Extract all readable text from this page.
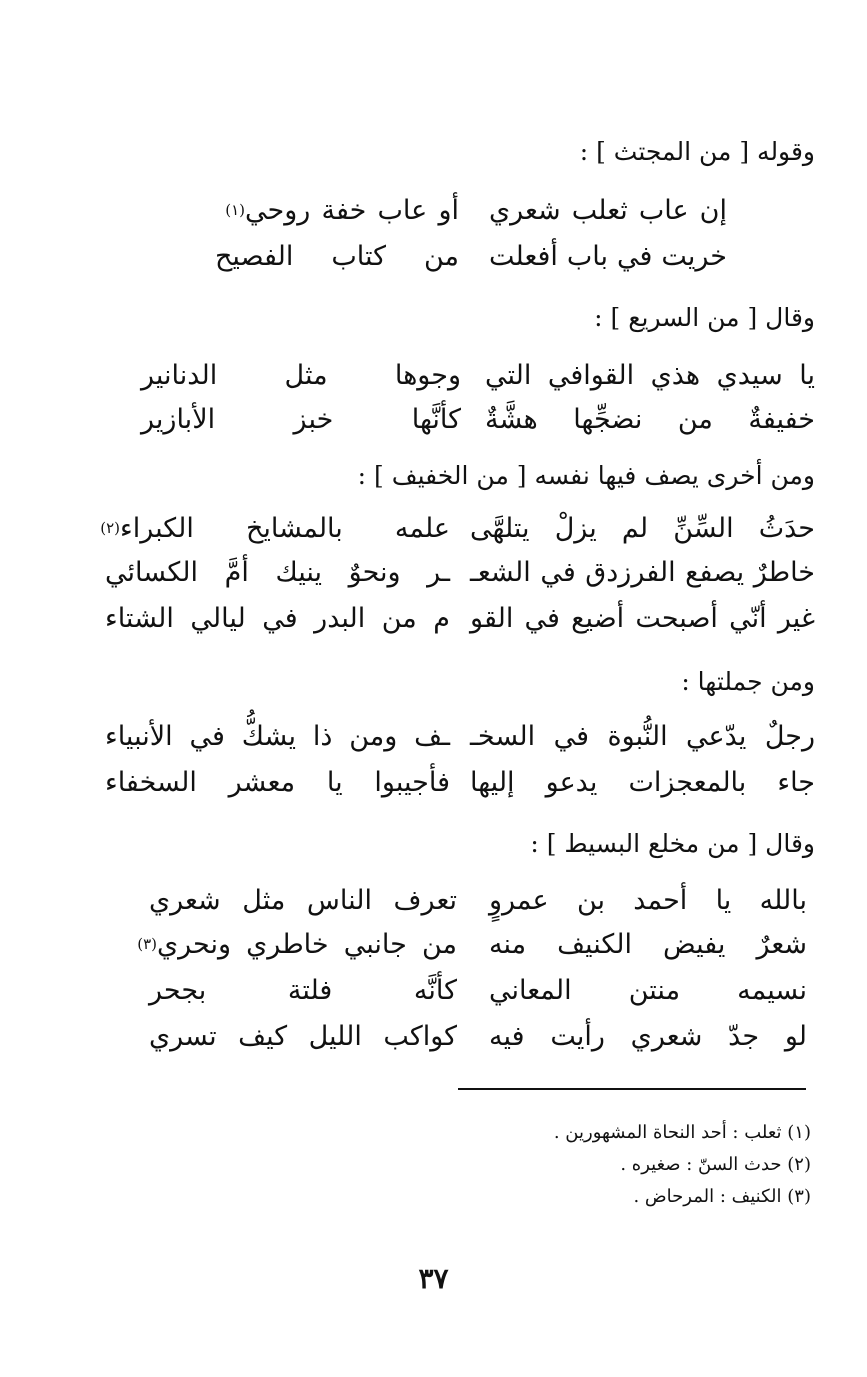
وقوله [ من المجتث ] :
إن عاب ثعلب شعري
أو عاب خفة روحي
(١)
خريت في باب أفعلت
من كتاب الفصيح
وقال [ من السريع ] :
يا سيدي هذي القوافي التي
وجوها مثل الدنانير
خفيفةٌ من نضجِّها هشَّةٌ
كأنَّها خبز الأبازير
ومن أخرى يصف فيها نفسه [ من الخفيف ] :
حدَثُ السِّنِّ لم يزلْ يتلهَّى
علمه بالمشايخ الكبراء
(٢)
خاطرٌ يصفع الفرزدق في الشعـ
ـر ونحوٌ ينيك أمَّ الكسائي
غير أنّي أصبحت أضيع في القو
م من البدر في ليالي الشتاء
ومن جملتها :
رجلٌ يدّعي النُّبوة في السخـ
ـف ومن ذا يشكُّ في الأنبياء
جاء بالمعجزات يدعو إليها
فأجيبوا يا معشر السخفاء
وقال [ من مخلع البسيط ] :
بالله يا أحمد بن عمروٍ
تعرف الناس مثل شعري
شعرٌ يفيض الكنيف منه
من جانبي خاطري ونحري
(٣)
نسيمه منتن المعاني
كأنَّه فلتة بجحر
لو جدّ شعري رأيت فيه
كواكب الليل كيف تسري
(١) ثعلب : أحد النحاة المشهورين .
(٢) حدث السنّ : صغيره .
(٣) الكنيف : المرحاض .
٣٧
